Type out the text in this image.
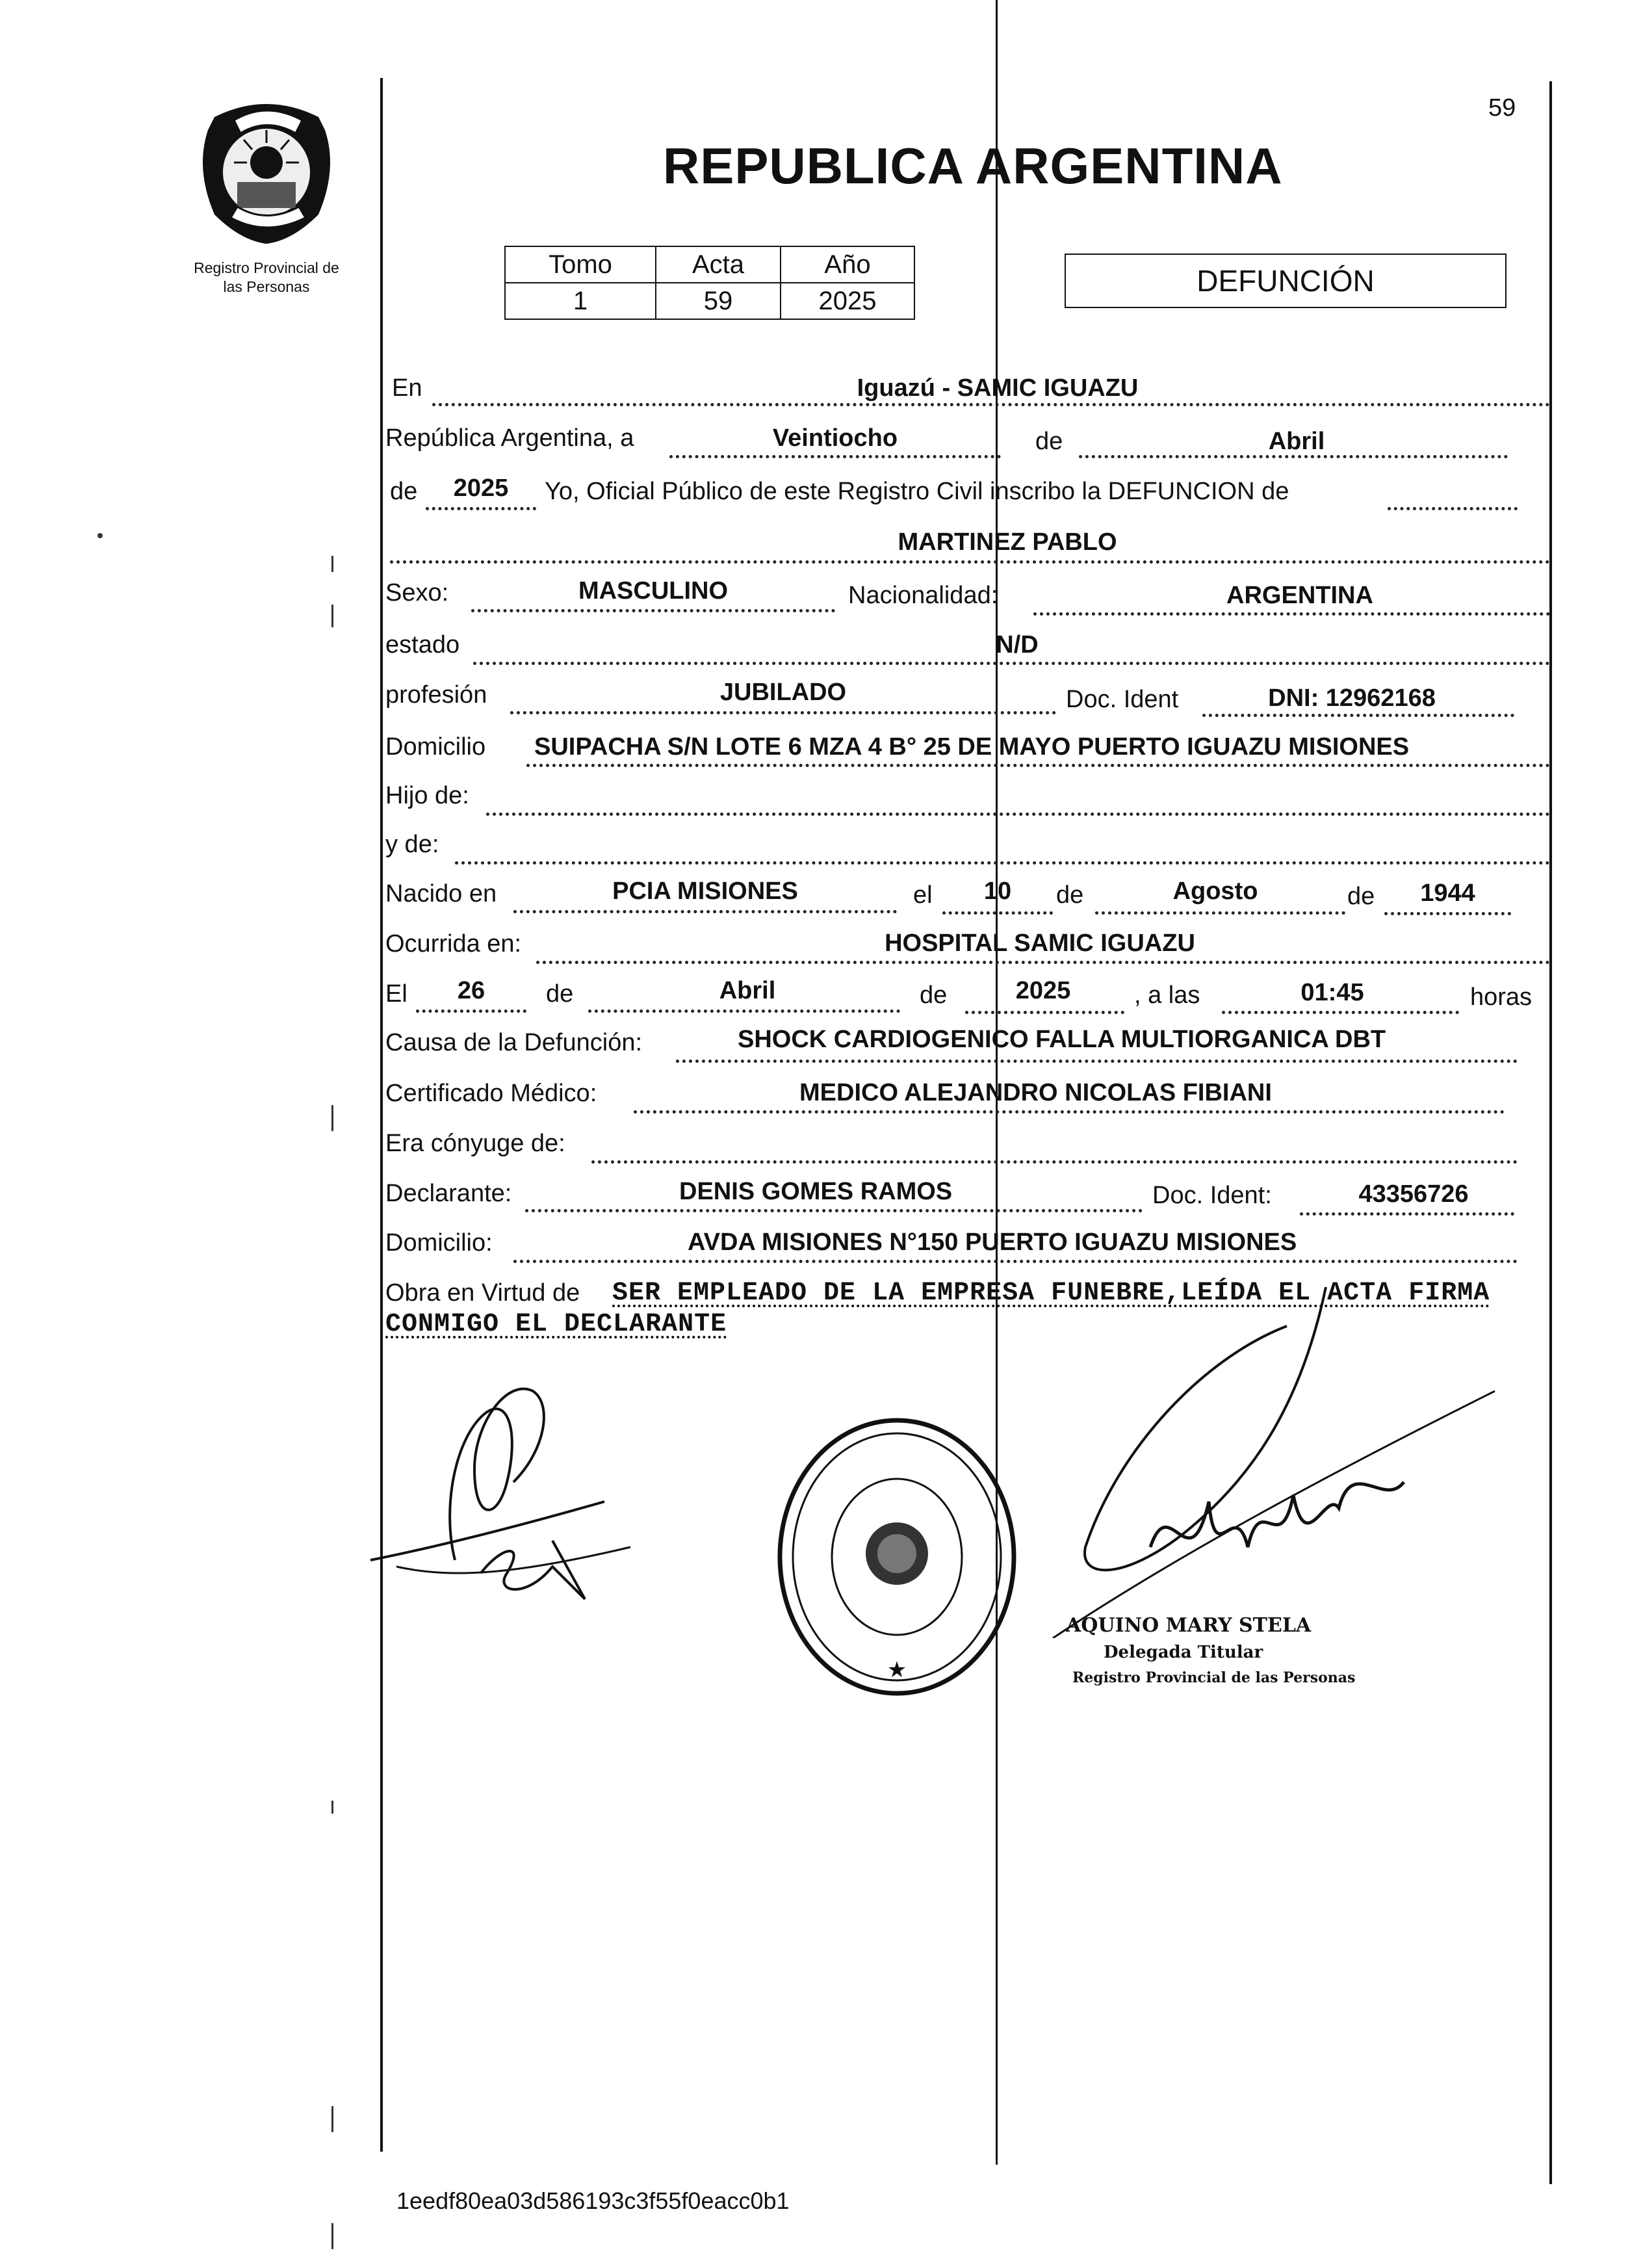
Registro Provincial de
las Personas
59
REPUBLICA ARGENTINA
Tomo	Acta	Año
1	59	2025
DEFUNCIÓN
En	Iguazú - SAMIC IGUAZU
República Argentina, a	Veintiocho	de	Abril
de	2025	Yo, Oficial Público de este Registro Civil inscribo la DEFUNCION de
MARTINEZ PABLO
Sexo:	MASCULINO	Nacionalidad:	ARGENTINA
estado	N/D
profesión	JUBILADO	Doc. Ident	DNI: 12962168
Domicilio SUIPACHA S/N LOTE 6 MZA 4 B° 25 DE MAYO PUERTO IGUAZU MISIONES
Hijo de:
y de:
Nacido en	PCIA MISIONES	el	10	de	Agosto	de	1944
Ocurrida en:	HOSPITAL SAMIC IGUAZU
El	26	de	Abril	de	2025	, a las	01:45	horas
Causa de la Defunción:	SHOCK CARDIOGENICO FALLA MULTIORGANICA DBT
Certificado Médico:	MEDICO ALEJANDRO NICOLAS FIBIANI
Era cónyuge de:
Declarante:	DENIS GOMES RAMOS	Doc. Ident:	43356726
Domicilio:	AVDA MISIONES N°150 PUERTO IGUAZU MISIONES
Obra en Virtud de SER EMPLEADO DE LA EMPRESA FUNEBRE,LEÍDA EL ACTA FIRMA
CONMIGO EL DECLARANTE
★
AQUINO MARY STELA
Delegada Titular
Registro Provincial de las Personas
1eedf80ea03d586193c3f55f0eacc0b1
